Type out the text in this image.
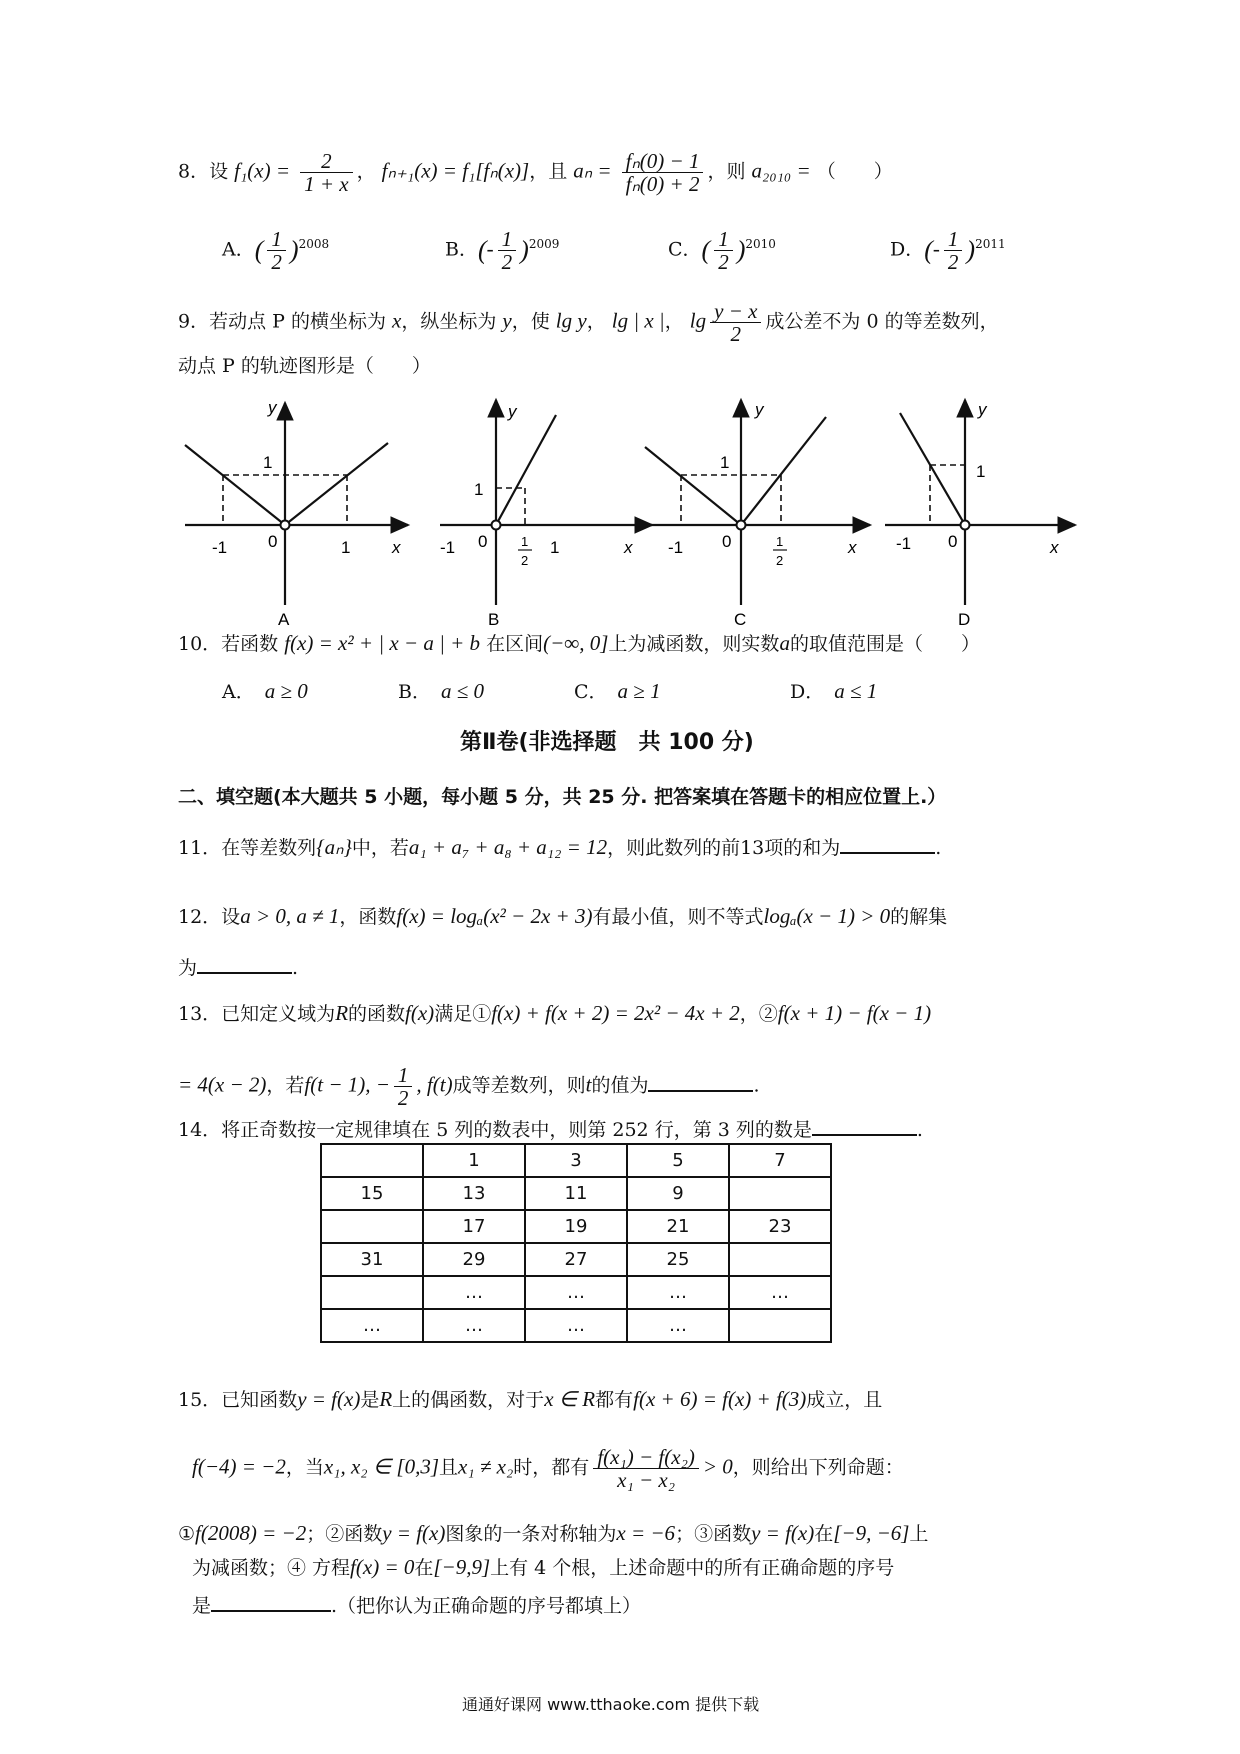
8．设 $f_1(x) = \frac{2}{1 + x}$ ， fₙ₊₁(x) = f₁[fₙ(x)]，且 $a_n = \frac{\text{fₙ(0) − 1}}{\text{fₙ(0) + 2}}$ ，则 a₂₀₁₀ = （　　）
A．( $\frac{1}{2} )^{2008}$	B．(- $\frac{1}{2} )^{2009}$	C．( $\frac{1}{2} )^{2010}$	D．(- $\frac{1}{2} )^{2011}$
9．若动点 P 的横坐标为 x，纵坐标为 y，使 lg y， lg | x |， $\lg \frac{y - x}{2}$ 成公差不为 0 的等差数列，
动点 P 的轨迹图形是（　　）
y
x
-1 0	1
1
A
y
x
-1 0	1
1
1
2
B
y
x
-1 0
1
1
2
C
y
x
-1 0
1
D
10．若函数 f(x) = x² + | x − a | + b 在区间(−∞, 0]上为减函数，则实数a的取值范围是（　　）
A． a ≥ 0	B． a ≤ 0	C． a ≥ 1	D． a ≤ 1
第Ⅱ卷(非选择题　共 100 分)
二、填空题(本大题共 5 小题，每小题 5 分，共 25 分. 把答案填在答题卡的相应位置上.）
11．在等差数列{aₙ}中，若a₁ + a₇ + a₈ + a₁₂ = 12，则此数列的前13项的和为	.
12．设a > 0, a ≠ 1，函数f(x) = logₐ(x² − 2x + 3)有最小值，则不等式logₐ(x − 1) > 0的解集
为	.
13．已知定义域为R的函数f(x)满足①f(x) + f(x + 2) = 2x² − 4x + 2，②f(x + 1) − f(x − 1)
= 4(x − 2)，若f(t − 1), − $\frac{1}{2}$ , f(t)成等差数列，则t的值为	.
14．将正奇数按一定规律填在 5 列的数表中，则第 252 行，第 3 列的数是	.
	1	3	5	7
15	13	11	9	
	17	19	21	23
31	29	27	25	
	…	…	…	…
…	…	…	…	
15．已知函数y = f(x)是R上的偶函数，对于x ∈ R都有f(x + 6) = f(x) + f(3)成立，且
f(−4) = −2，当x₁, x₂ ∈ [0,3]且x₁ ≠ x₂时，都有 $\frac{\text{f(x₁) − f(x₂)}}{\text{x₁ − x₂}} > 0$，则给出下列命题：
①f(2008) = −2；②函数y = f(x)图象的一条对称轴为x = −6；③函数y = f(x)在[−9, −6]上
为减函数；④ 方程f(x) = 0在[−9,9]上有 4 个根，上述命题中的所有正确命题的序号
是	.（把你认为正确命题的序号都填上）
通通好课网 www.tthaoke.com 提供下载
